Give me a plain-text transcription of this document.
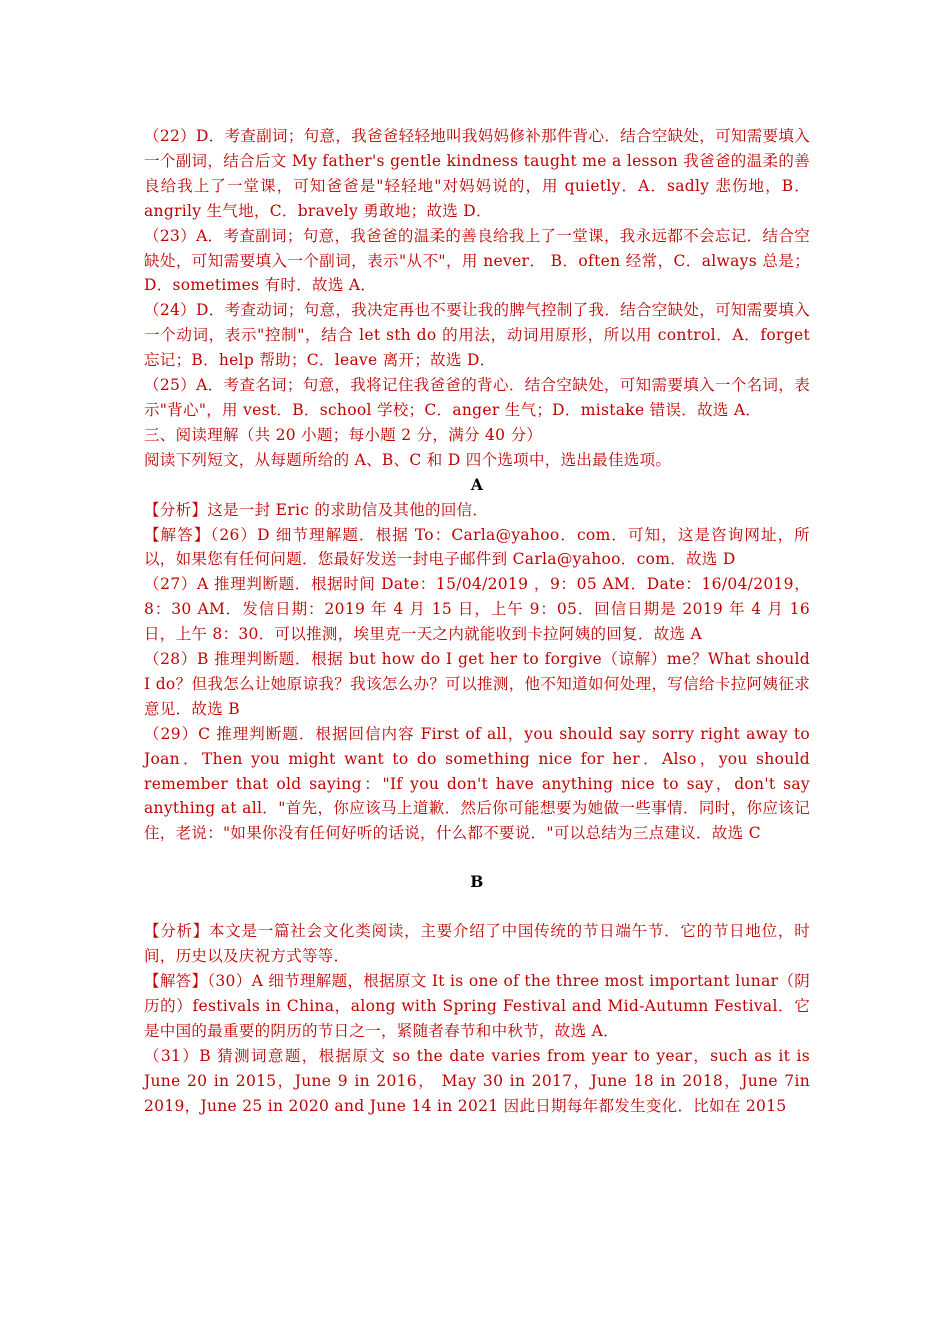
（22）D．考查副词；句意，我爸爸轻轻地叫我妈妈修补那件背心．结合空缺处，可知需要填入一个副词，结合后文 My father's gentle kindness taught me a lesson 我爸爸的温柔的善良给我上了一堂课，可知爸爸是"轻轻地"对妈妈说的，用 quietly．A．sadly 悲伤地，B．angrily 生气地，C．bravely 勇敢地；故选 D．

（23）A．考查副词；句意，我爸爸的温柔的善良给我上了一堂课，我永远都不会忘记．结合空缺处，可知需要填入一个副词，表示"从不"，用 never． B．often 经常，C．always 总是；D．sometimes 有时．故选 A．

（24）D．考查动词；句意，我决定再也不要让我的脾气控制了我．结合空缺处，可知需要填入一个动词，表示"控制"，结合 let sth do 的用法，动词用原形，所以用 control．A．forget 忘记；B．help 帮助；C．leave 离开；故选 D．

（25）A．考查名词；句意，我将记住我爸爸的背心．结合空缺处，可知需要填入一个名词，表示"背心"，用 vest．B．school 学校；C．anger 生气；D．mistake 错误．故选 A．

三、阅读理解（共 20 小题；每小题 2 分，满分 40 分）

阅读下列短文，从每题所给的 A、B、C 和 D 四个选项中，选出最佳选项。

A

【分析】这是一封 Eric 的求助信及其他的回信．

【解答】（26）D 细节理解题．根据 To：Carla@yahoo．com．可知，这是咨询网址，所以，如果您有任何问题．您最好发送一封电子邮件到 Carla@yahoo．com．故选 D

（27）A 推理判断题．根据时间 Date：15/04/2019 ，9：05 AM．Date：16/04/2019，8：30 AM．发信日期：2019 年 4 月 15 日，上午 9：05．回信日期是 2019 年 4 月 16 日，上午 8：30．可以推测，埃里克一天之内就能收到卡拉阿姨的回复．故选 A

（28）B 推理判断题．根据 but how do I get her to forgive（谅解）me？What should I do？但我怎么让她原谅我？我该怎么办？可以推测，他不知道如何处理，写信给卡拉阿姨征求意见．故选 B

（29）C 推理判断题．根据回信内容 First of all，you should say sorry right away to Joan．Then you might want to do something nice for her．Also，you should remember that old saying："If you don't have anything nice to say，don't say anything at all．"首先，你应该马上道歉．然后你可能想要为她做一些事情．同时，你应该记住，老说："如果你没有任何好听的话说，什么都不要说．"可以总结为三点建议．故选 C

B

【分析】本文是一篇社会文化类阅读，主要介绍了中国传统的节日端午节．它的节日地位，时间，历史以及庆祝方式等等．

【解答】（30）A 细节理解题，根据原文 It is one of the three most important lunar（阴历的）festivals in China，along with Spring Festival and Mid-Autumn Festival．它是中国的最重要的阴历的节日之一，紧随者春节和中秋节，故选 A．

（31）B 猜测词意题，根据原文 so the date varies from year to year，such as it is June 20 in 2015，June 9 in 2016， May 30 in 2017，June 18 in 2018，June 7in 2019，June 25 in 2020 and June 14 in 2021 因此日期每年都发生变化．比如在 2015
